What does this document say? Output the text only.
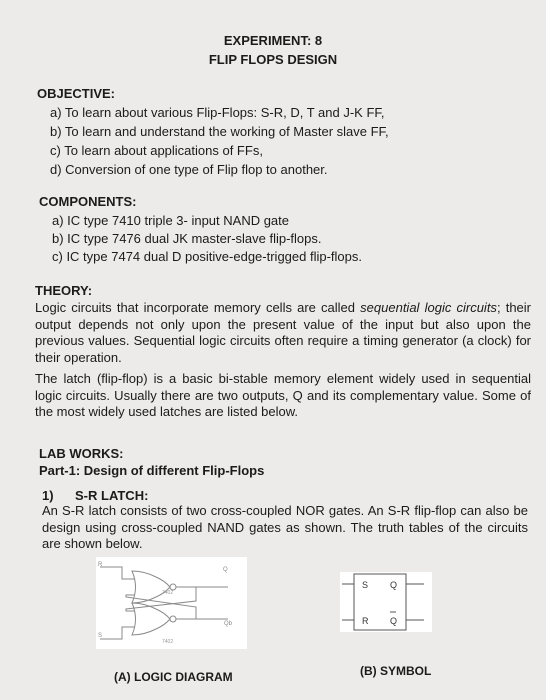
EXPERIMENT: 8
FLIP FLOPS DESIGN
OBJECTIVE:
a) To learn about various Flip-Flops: S-R, D, T and J-K FF,
b) To learn and understand the working of Master slave FF,
c) To learn about applications of FFs,
d) Conversion of one type of Flip flop to another.
COMPONENTS:
a) IC type 7410 triple 3- input NAND gate
b) IC type 7476 dual JK master-slave flip-flops.
c) IC type 7474 dual D positive-edge-trigged flip-flops.
THEORY:
Logic circuits that incorporate memory cells are called sequential logic circuits; their output depends not only upon the present value of the input but also upon the previous values. Sequential logic circuits often require a timing generator (a clock) for their operation.
The latch (flip-flop) is a basic bi-stable memory element widely used in sequential logic circuits. Usually there are two outputs, Q and its complementary value. Some of the most widely used latches are listed below.
LAB WORKS:
Part-1: Design of different Flip-Flops
1) S-R LATCH:
An S-R latch consists of two cross-coupled NOR gates. An S-R flip-flop can also be design using cross-coupled NAND gates as shown. The truth tables of the circuits are shown below.
R
S
Q
Qb
7402
7402
S
R
Q
Q
(A) LOGIC DIAGRAM	(B) SYMBOL
